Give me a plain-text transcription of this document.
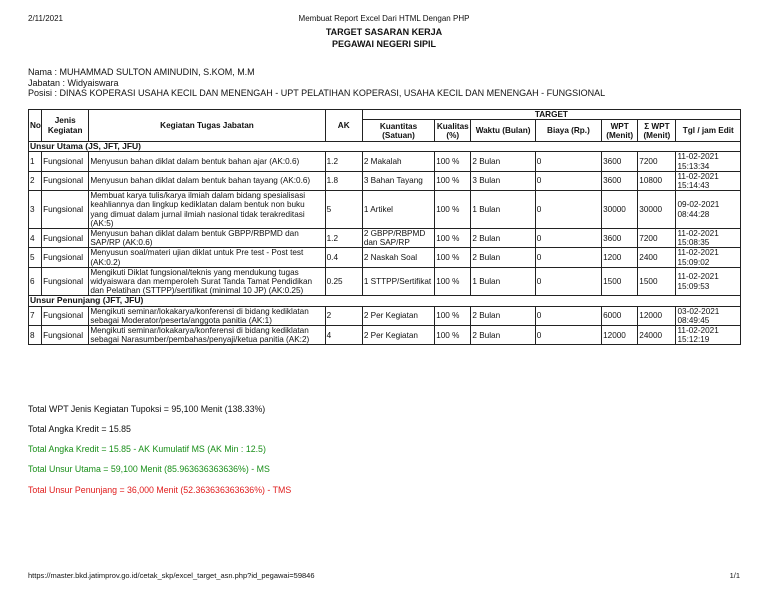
2/11/2021	Membuat Report Excel Dari HTML Dengan PHP
TARGET SASARAN KERJA
PEGAWAI NEGERI SIPIL
Nama : MUHAMMAD SULTON AMINUDIN, S.KOM, M.M
Jabatan : Widyaiswara
Posisi : DINAS KOPERASI USAHA KECIL DAN MENENGAH - UPT PELATIHAN KOPERASI, USAHA KECIL DAN MENENGAH - FUNGSIONAL
No	Jenis Kegiatan	Kegiatan Tugas Jabatan	AK	TARGET						
				Kuantitas (Satuan)	Kualitas (%)	Waktu (Bulan)	Biaya (Rp.)	WPT (Menit)	Σ WPT (Menit)	Tgl / jam Edit
Unsur Utama (JS, JFT, JFU)										
1	Fungsional	Menyusun bahan diklat dalam bentuk bahan ajar (AK:0.6)	1.2	2 Makalah	100 %	2 Bulan	0	3600	7200	11-02-2021 15:13:34
2	Fungsional	Menyusun bahan diklat dalam bentuk bahan tayang (AK:0.6)	1.8	3 Bahan Tayang	100 %	3 Bulan	0	3600	10800	11-02-2021 15:14:43
3	Fungsional	Membuat karya tulis/karya ilmiah dalam bidang spesialisasi keahliannya dan lingkup kediklatan dalam bentuk non buku yang dimuat dalam jurnal ilmiah nasional tidak terakreditasi (AK:5)	5	1 Artikel	100 %	1 Bulan	0	30000	30000	09-02-2021 08:44:28
4	Fungsional	Menyusun bahan diklat dalam bentuk GBPP/RBPMD dan SAP/RP (AK:0.6)	1.2	2 GBPP/RBPMD dan SAP/RP	100 %	2 Bulan	0	3600	7200	11-02-2021 15:08:35
5	Fungsional	Menyusun soal/materi ujian diklat untuk Pre test - Post test (AK:0.2)	0.4	2 Naskah Soal	100 %	2 Bulan	0	1200	2400	11-02-2021 15:09:02
6	Fungsional	Mengikuti Diklat fungsional/teknis yang mendukung tugas widyaiswara dan memperoleh Surat Tanda Tamat Pendidikan dan Pelatihan (STTPP)/sertifikat (minimal 10 JP) (AK:0.25)	0.25	1 STTPP/Sertifikat	100 %	1 Bulan	0	1500	1500	11-02-2021 15:09:53
Unsur Penunjang (JFT, JFU)										
7	Fungsional	Mengikuti seminar/lokakarya/konferensi di bidang kediklatan sebagai Moderator/peserta/anggota panitia (AK:1)	2	2 Per Kegiatan	100 %	2 Bulan	0	6000	12000	03-02-2021 08:49:45
8	Fungsional	Mengikuti seminar/lokakarya/konferensi di bidang kediklatan sebagai Narasumber/pembahas/penyaji/ketua panitia (AK:2)	4	2 Per Kegiatan	100 %	2 Bulan	0	12000	24000	11-02-2021 15:12:19
Total WPT Jenis Kegiatan Tupoksi = 95,100 Menit (138.33%)
Total Angka Kredit = 15.85
Total Angka Kredit = 15.85 - AK Kumulatif MS (AK Min : 12.5)
Total Unsur Utama = 59,100 Menit (85.963636363636%) - MS
Total Unsur Penunjang = 36,000 Menit (52.363636363636%) - TMS
https://master.bkd.jatimprov.go.id/cetak_skp/excel_target_asn.php?id_pegawai=59846	1/1
